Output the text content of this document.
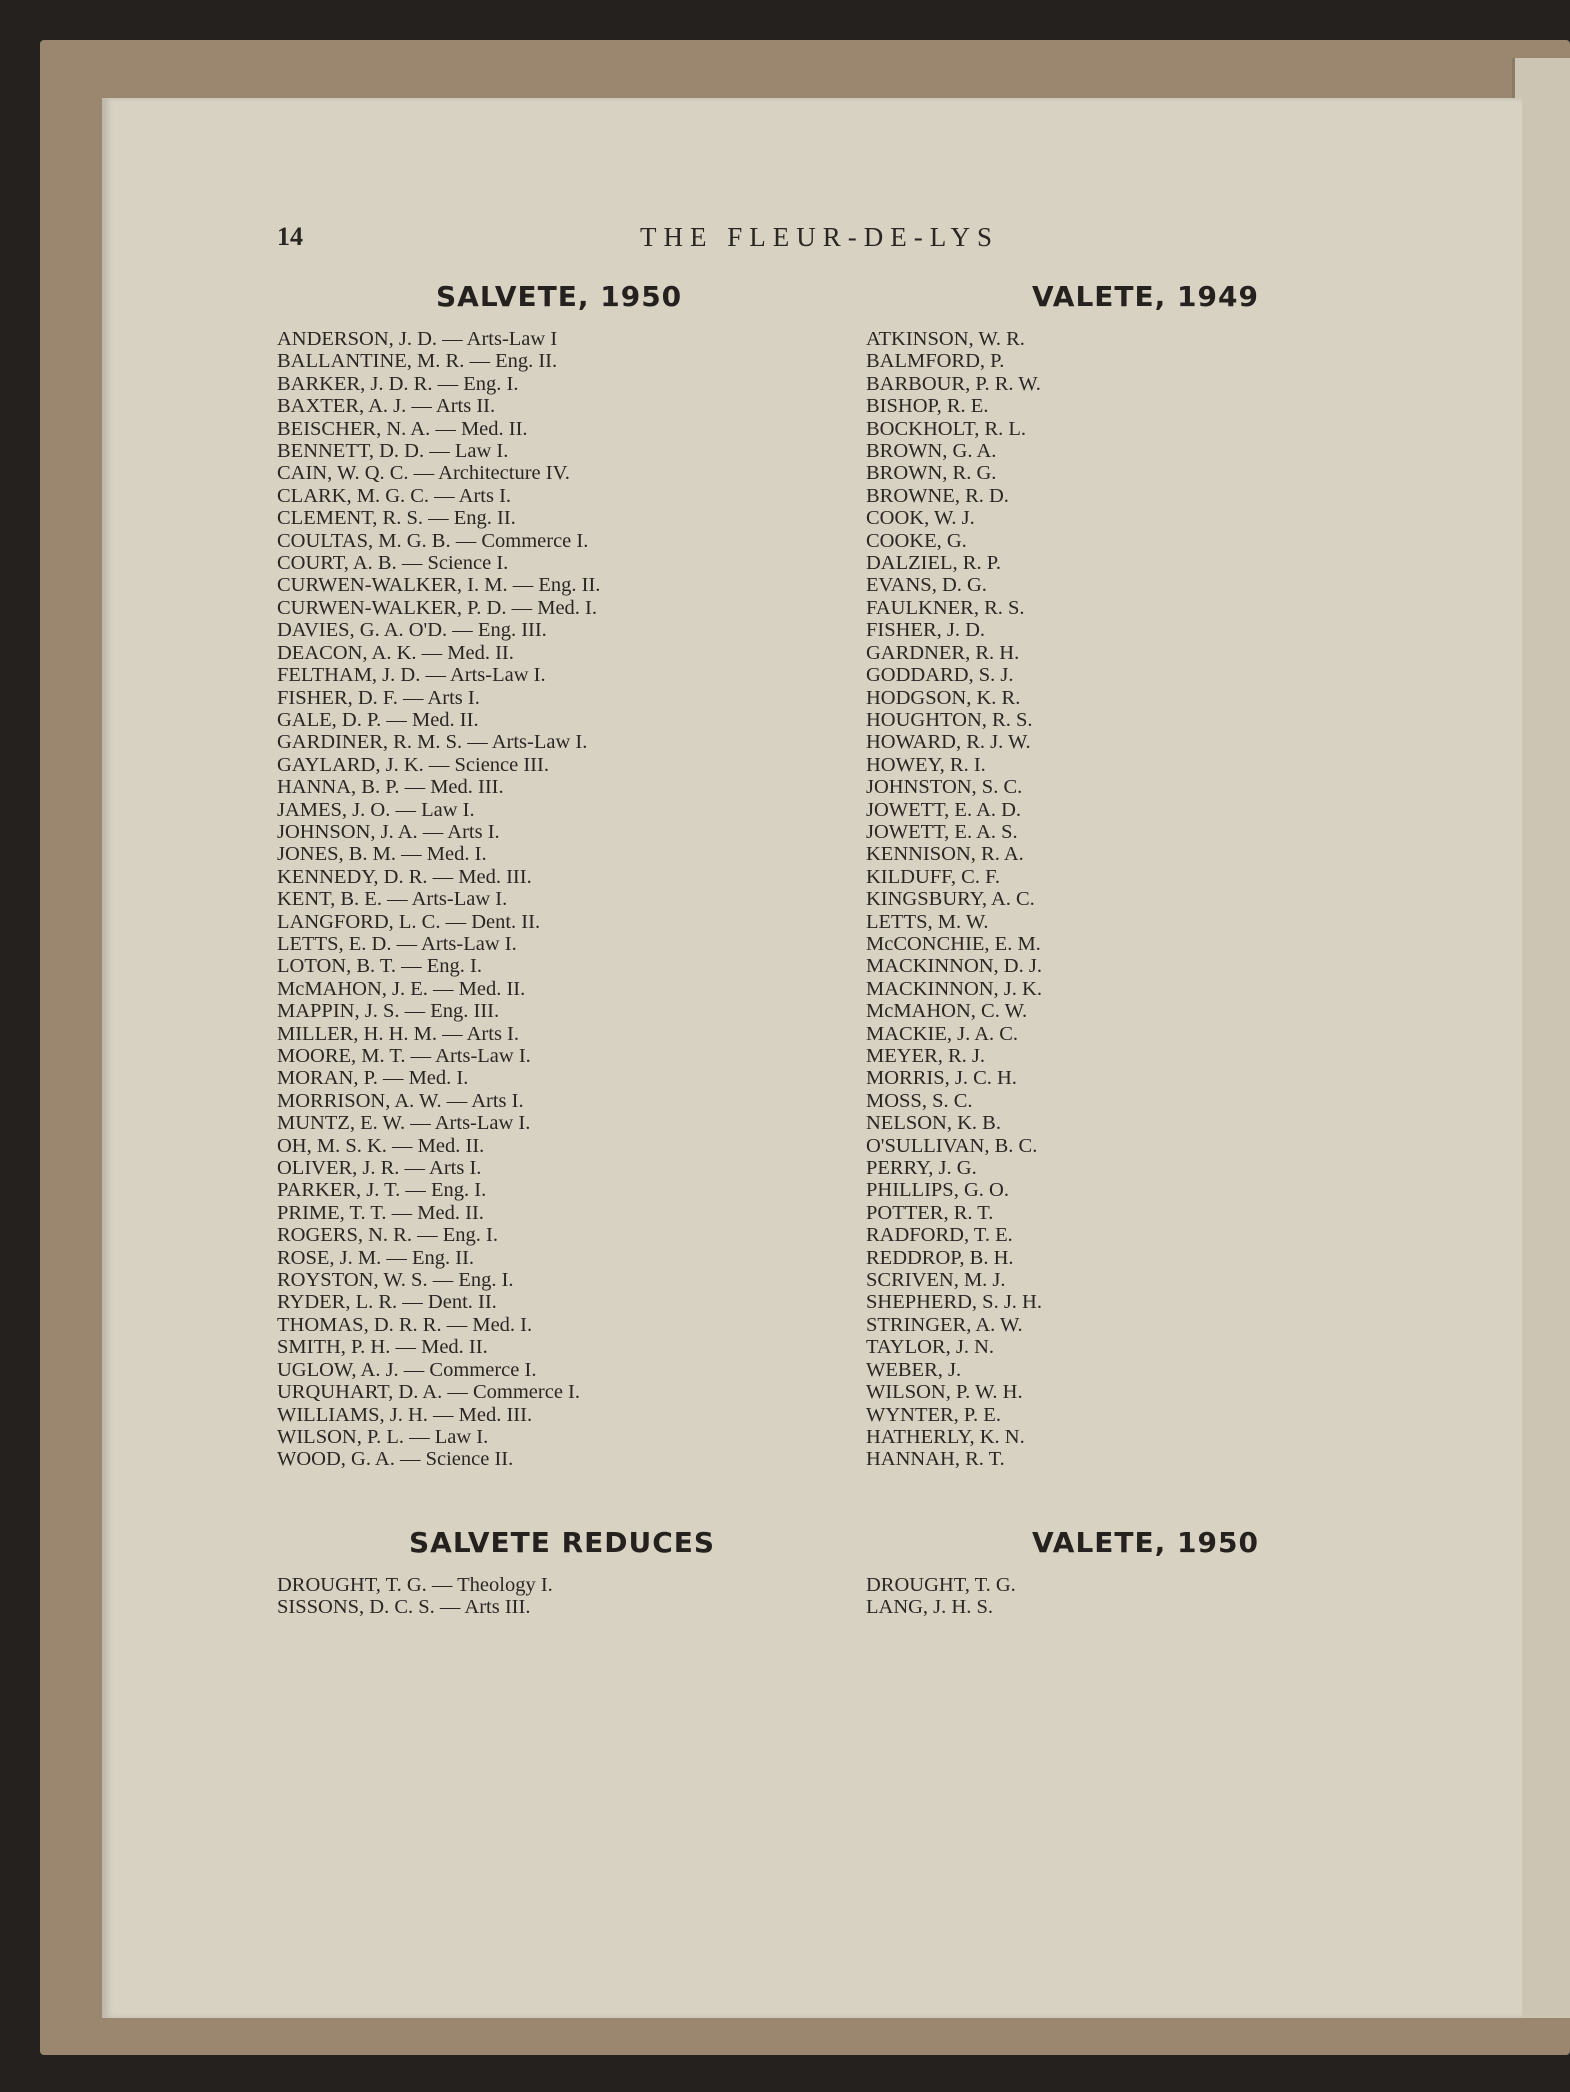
14	THE FLEUR-DE-LYS
SALVETE, 1950
ANDERSON, J. D. — Arts-Law I
BALLANTINE, M. R. — Eng. II.
BARKER, J. D. R. — Eng. I.
BAXTER, A. J. — Arts II.
BEISCHER, N. A. — Med. II.
BENNETT, D. D. — Law I.
CAIN, W. Q. C. — Architecture IV.
CLARK, M. G. C. — Arts I.
CLEMENT, R. S. — Eng. II.
COULTAS, M. G. B. — Commerce I.
COURT, A. B. — Science I.
CURWEN-WALKER, I. M. — Eng. II.
CURWEN-WALKER, P. D. — Med. I.
DAVIES, G. A. O'D. — Eng. III.
DEACON, A. K. — Med. II.
FELTHAM, J. D. — Arts-Law I.
FISHER, D. F. — Arts I.
GALE, D. P. — Med. II.
GARDINER, R. M. S. — Arts-Law I.
GAYLARD, J. K. — Science III.
HANNA, B. P. — Med. III.
JAMES, J. O. — Law I.
JOHNSON, J. A. — Arts I.
JONES, B. M. — Med. I.
KENNEDY, D. R. — Med. III.
KENT, B. E. — Arts-Law I.
LANGFORD, L. C. — Dent. II.
LETTS, E. D. — Arts-Law I.
LOTON, B. T. — Eng. I.
McMAHON, J. E. — Med. II.
MAPPIN, J. S. — Eng. III.
MILLER, H. H. M. — Arts I.
MOORE, M. T. — Arts-Law I.
MORAN, P. — Med. I.
MORRISON, A. W. — Arts I.
MUNTZ, E. W. — Arts-Law I.
OH, M. S. K. — Med. II.
OLIVER, J. R. — Arts I.
PARKER, J. T. — Eng. I.
PRIME, T. T. — Med. II.
ROGERS, N. R. — Eng. I.
ROSE, J. M. — Eng. II.
ROYSTON, W. S. — Eng. I.
RYDER, L. R. — Dent. II.
THOMAS, D. R. R. — Med. I.
SMITH, P. H. — Med. II.
UGLOW, A. J. — Commerce I.
URQUHART, D. A. — Commerce I.
WILLIAMS, J. H. — Med. III.
WILSON, P. L. — Law I.
WOOD, G. A. — Science II.
VALETE, 1949
ATKINSON, W. R.
BALMFORD, P.
BARBOUR, P. R. W.
BISHOP, R. E.
BOCKHOLT, R. L.
BROWN, G. A.
BROWN, R. G.
BROWNE, R. D.
COOK, W. J.
COOKE, G.
DALZIEL, R. P.
EVANS, D. G.
FAULKNER, R. S.
FISHER, J. D.
GARDNER, R. H.
GODDARD, S. J.
HODGSON, K. R.
HOUGHTON, R. S.
HOWARD, R. J. W.
HOWEY, R. I.
JOHNSTON, S. C.
JOWETT, E. A. D.
JOWETT, E. A. S.
KENNISON, R. A.
KILDUFF, C. F.
KINGSBURY, A. C.
LETTS, M. W.
McCONCHIE, E. M.
MACKINNON, D. J.
MACKINNON, J. K.
McMAHON, C. W.
MACKIE, J. A. C.
MEYER, R. J.
MORRIS, J. C. H.
MOSS, S. C.
NELSON, K. B.
O'SULLIVAN, B. C.
PERRY, J. G.
PHILLIPS, G. O.
POTTER, R. T.
RADFORD, T. E.
REDDROP, B. H.
SCRIVEN, M. J.
SHEPHERD, S. J. H.
STRINGER, A. W.
TAYLOR, J. N.
WEBER, J.
WILSON, P. W. H.
WYNTER, P. E.
HATHERLY, K. N.
HANNAH, R. T.
SALVETE REDUCES
DROUGHT, T. G. — Theology I.
SISSONS, D. C. S. — Arts III.
VALETE, 1950
DROUGHT, T. G.
LANG, J. H. S.
